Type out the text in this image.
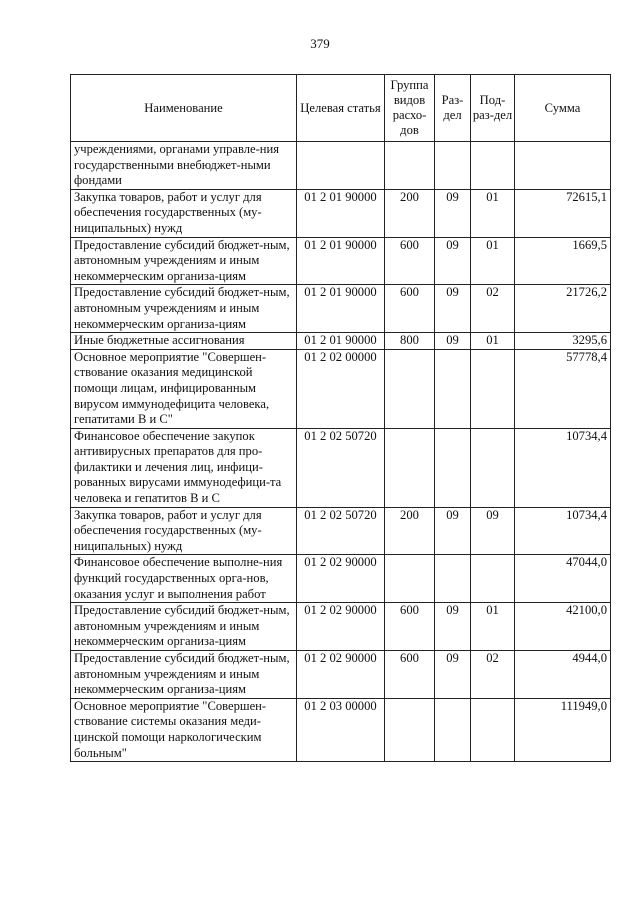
379
Наименование	Целевая статья	Группа видов расхо-дов	Раз-дел	Под-раз-дел	Сумма
учреждениями, органами управле-ния государственными внебюджет-ными фондами					
Закупка товаров, работ и услуг для обеспечения государственных (му-ниципальных) нужд	01 2 01 90000	200	09	01	72615,1
Предоставление субсидий бюджет-ным, автономным учреждениям и иным некоммерческим организа-циям	01 2 01 90000	600	09	01	1669,5
Предоставление субсидий бюджет-ным, автономным учреждениям и иным некоммерческим организа-циям	01 2 01 90000	600	09	02	21726,2
Иные бюджетные ассигнования	01 2 01 90000	800	09	01	3295,6
Основное мероприятие "Совершен-ствование оказания медицинской помощи лицам, инфицированным вирусом иммунодефицита человека, гепатитами В и С"	01 2 02 00000				57778,4
Финансовое обеспечение закупок антивирусных препаратов для про-филактики и лечения лиц, инфици-рованных вирусами иммунодефици-та человека и гепатитов В и С	01 2 02 50720				10734,4
Закупка товаров, работ и услуг для обеспечения государственных (му-ниципальных) нужд	01 2 02 50720	200	09	09	10734,4
Финансовое обеспечение выполне-ния функций государственных орга-нов, оказания услуг и выполнения работ	01 2 02 90000				47044,0
Предоставление субсидий бюджет-ным, автономным учреждениям и иным некоммерческим организа-циям	01 2 02 90000	600	09	01	42100,0
Предоставление субсидий бюджет-ным, автономным учреждениям и иным некоммерческим организа-циям	01 2 02 90000	600	09	02	4944,0
Основное мероприятие "Совершен-ствование системы оказания меди-цинской помощи наркологическим больным"	01 2 03 00000				111949,0
